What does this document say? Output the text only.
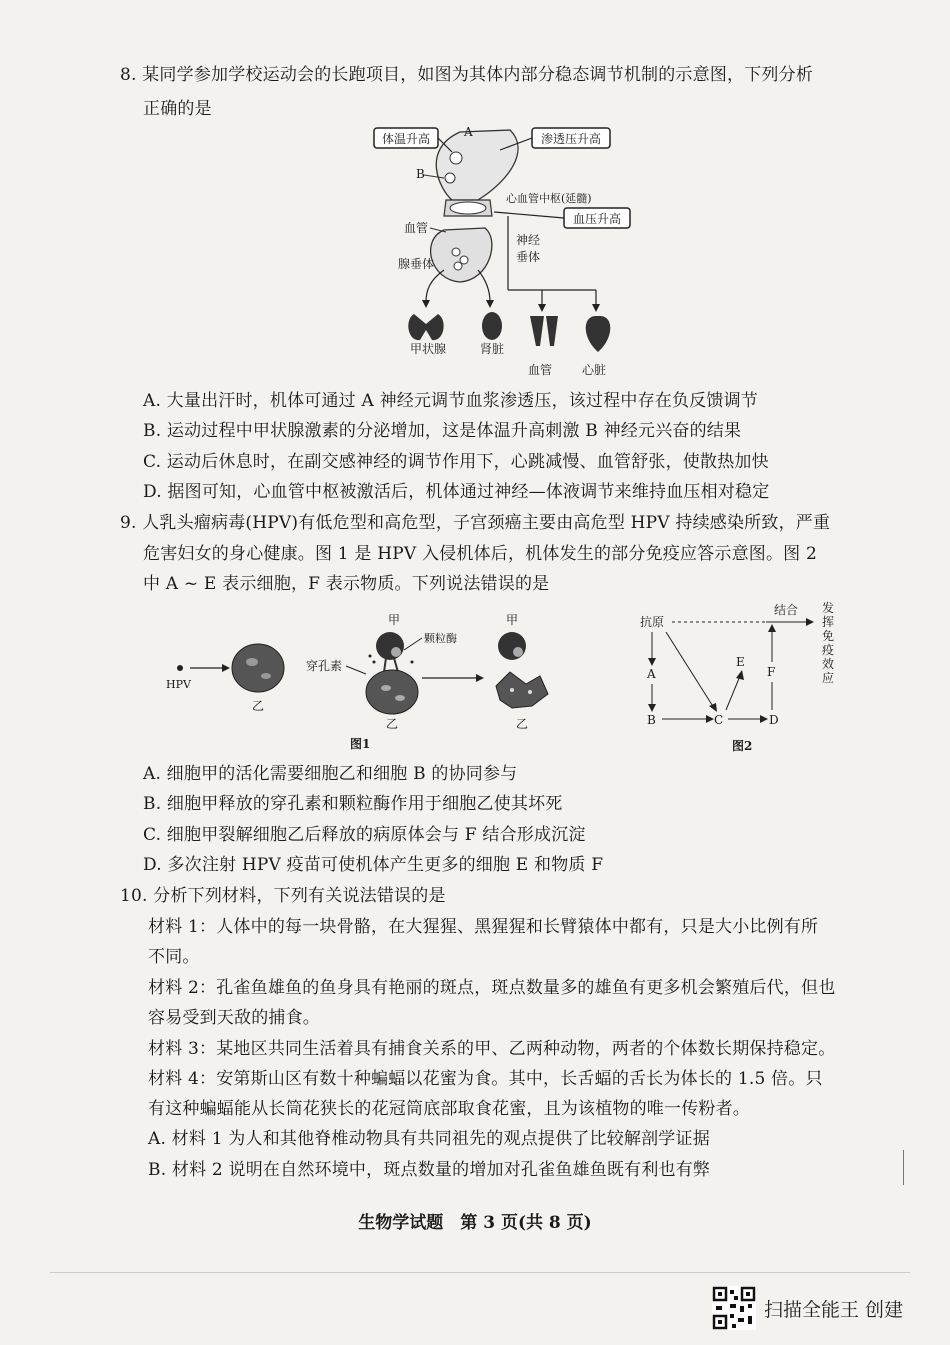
8. 某同学参加学校运动会的长跑项目，如图为其体内部分稳态调节机制的示意图，下列分析
正确的是
体温升高	渗透压升高
血压升高
A
B
心血管中枢(延髓)
血管
腺垂体
神经
垂体
甲状腺	肾脏
血管 心脏
A. 大量出汗时，机体可通过 A 神经元调节血浆渗透压，该过程中存在负反馈调节
B. 运动过程中甲状腺激素的分泌增加，这是体温升高刺激 B 神经元兴奋的结果
C. 运动后休息时，在副交感神经的调节作用下，心跳减慢、血管舒张，使散热加快
D. 据图可知，心血管中枢被激活后，机体通过神经—体液调节来维持血压相对稳定
9. 人乳头瘤病毒(HPV)有低危型和高危型，子宫颈癌主要由高危型 HPV 持续感染所致，严重
危害妇女的身心健康。图 1 是 HPV 入侵机体后，机体发生的部分免疫应答示意图。图 2
中 A ~ E 表示细胞，F 表示物质。下列说法错误的是
HPV
乙
穿孔素
甲
颗粒酶
乙
甲
乙
图1
抗原
结合 发挥免疫效应
A
B	C
E
D
F
图2
A. 细胞甲的活化需要细胞乙和细胞 B 的协同参与
B. 细胞甲释放的穿孔素和颗粒酶作用于细胞乙使其坏死
C. 细胞甲裂解细胞乙后释放的病原体会与 F 结合形成沉淀
D. 多次注射 HPV 疫苗可使机体产生更多的细胞 E 和物质 F
10. 分析下列材料，下列有关说法错误的是
材料 1：人体中的每一块骨骼，在大猩猩、黑猩猩和长臂猿体中都有，只是大小比例有所
不同。
材料 2：孔雀鱼雄鱼的鱼身具有艳丽的斑点，斑点数量多的雄鱼有更多机会繁殖后代，但也
容易受到天敌的捕食。
材料 3：某地区共同生活着具有捕食关系的甲、乙两种动物，两者的个体数长期保持稳定。
材料 4：安第斯山区有数十种蝙蝠以花蜜为食。其中，长舌蝠的舌长为体长的 1.5 倍。只
有这种蝙蝠能从长筒花狭长的花冠筒底部取食花蜜，且为该植物的唯一传粉者。
A. 材料 1 为人和其他脊椎动物具有共同祖先的观点提供了比较解剖学证据
B. 材料 2 说明在自然环境中，斑点数量的增加对孔雀鱼雄鱼既有利也有弊
生物学试题　第 3 页(共 8 页)
扫描全能王 创建
